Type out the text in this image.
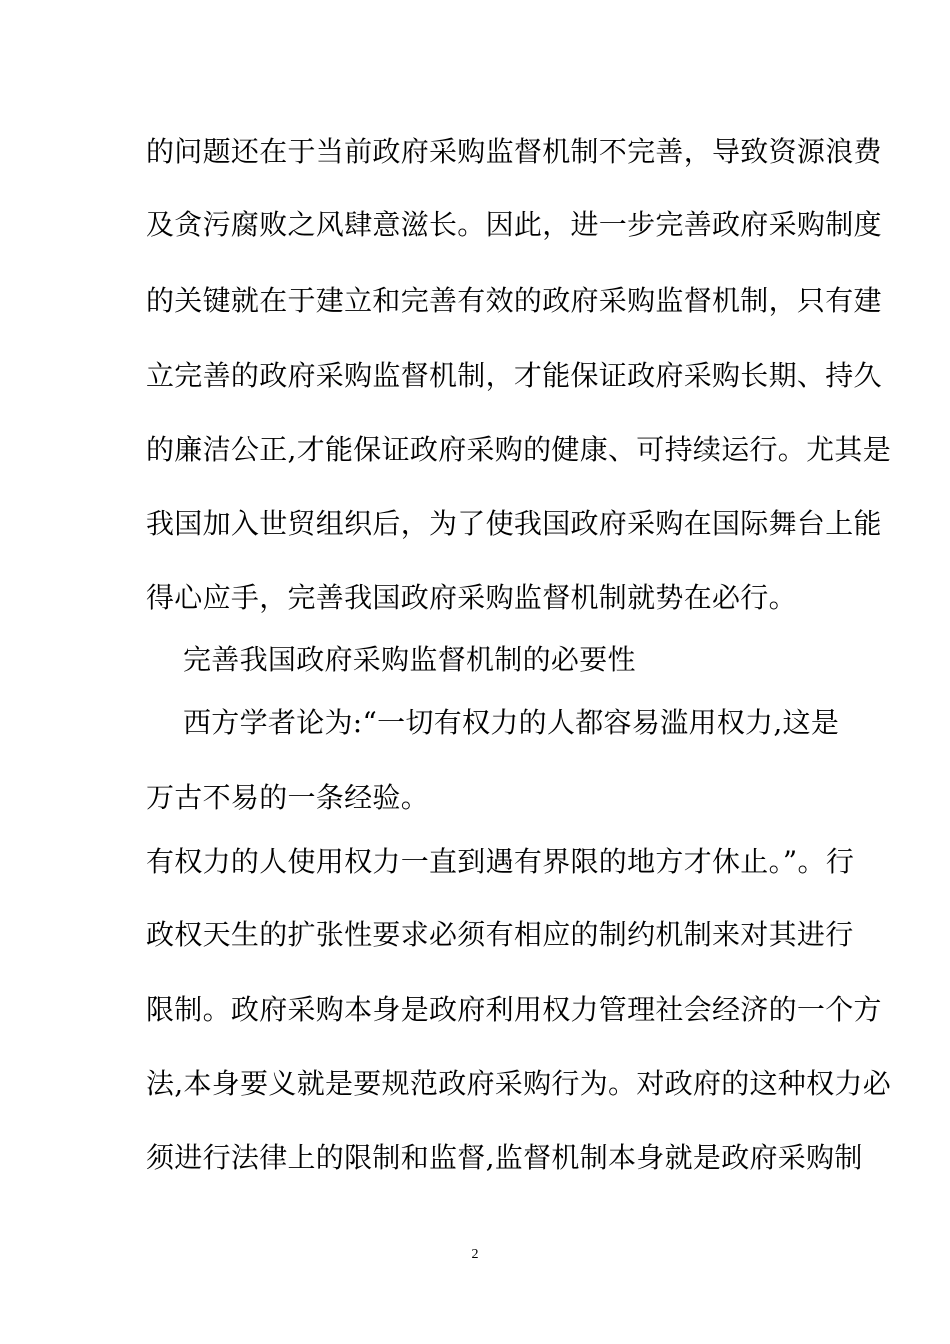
的问题还在于当前政府采购监督机制不完善，导致资源浪费
及贪污腐败之风肆意滋长。因此，进一步完善政府采购制度
的关键就在于建立和完善有效的政府采购监督机制，只有建
立完善的政府采购监督机制，才能保证政府采购长期、持久
的廉洁公正,才能保证政府采购的健康、可持续运行。尤其是
我国加入世贸组织后，为了使我国政府采购在国际舞台上能
得心应手，完善我国政府采购监督机制就势在必行。
完善我国政府采购监督机制的必要性
西方学者论为:“一切有权力的人都容易滥用权力,这是
万古不易的一条经验。
有权力的人使用权力一直到遇有界限的地方才休止。”。行
政权天生的扩张性要求必须有相应的制约机制来对其进行
限制。政府采购本身是政府利用权力管理社会经济的一个方
法,本身要义就是要规范政府采购行为。对政府的这种权力必
须进行法律上的限制和监督,监督机制本身就是政府采购制
2
